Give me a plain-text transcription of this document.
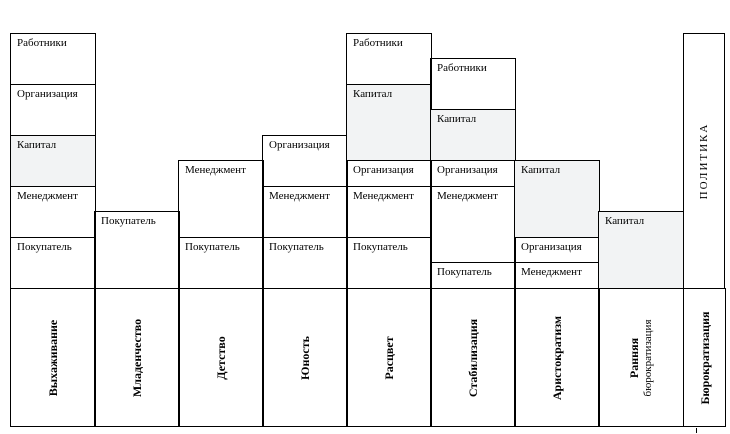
ПОЛИТИКА
Работники
Организация
Капитал
Менеджмент
Покупатель
Выхаживание
Покупатель
Младенчество
Менеджмент
Покупатель
Детство
Организация
Менеджмент
Покупатель
Юность
Работники
Капитал
Организация
Менеджмент
Покупатель
Расцвет
Работники
Капитал
Организация
Менеджмент
Покупатель
Стабилизация
Капитал
Организация
Менеджмент
Аристократизм
Капитал
Ранняя бюрократизация	Бюрократизация
